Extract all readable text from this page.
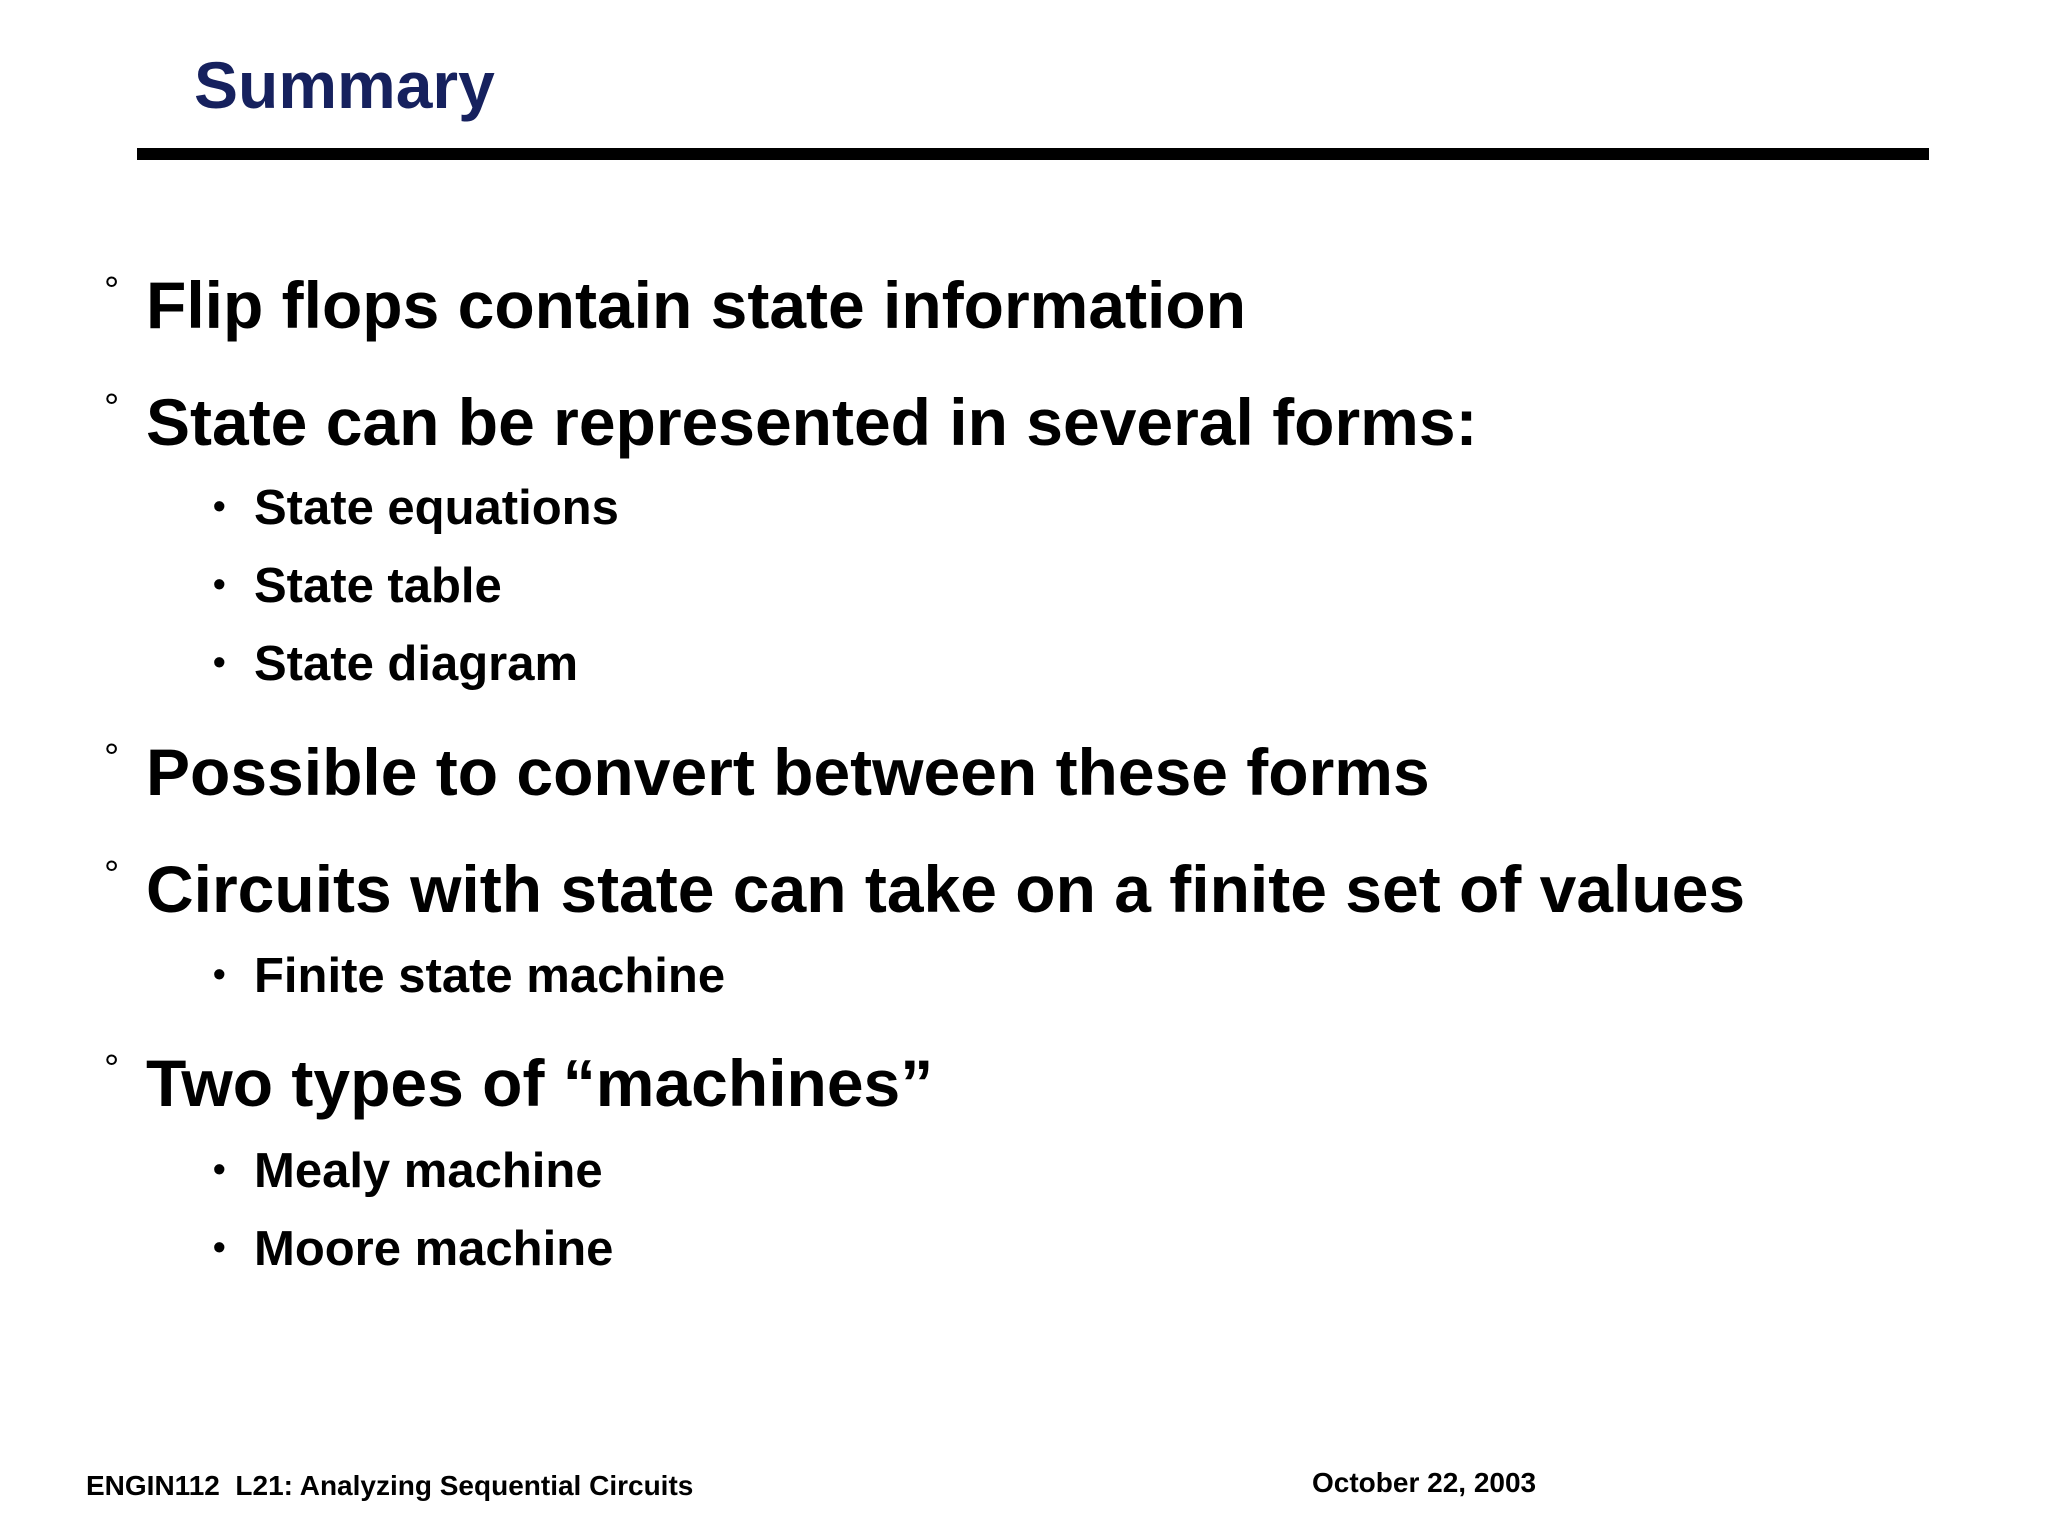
Summary
° Flip flops contain state information
° State can be represented in several forms:
• State equations
• State table
• State diagram
° Possible to convert between these forms
° Circuits with state can take on a finite set of values
• Finite state machine
° Two types of “machines”
• Mealy machine
• Moore machine
ENGIN112  L21: Analyzing Sequential Circuits	October 22, 2003
